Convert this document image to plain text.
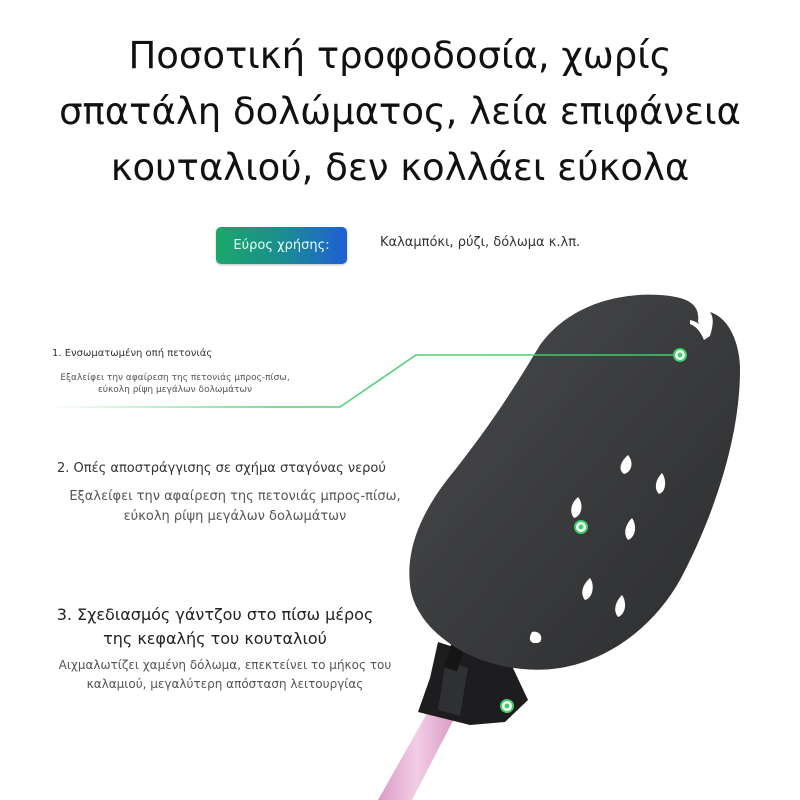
Ποσοτική τροφοδοσία, χωρίς
σπατάλη δολώματος, λεία επιφάνεια
κουταλιού, δεν κολλάει εύκολα
Εύρος χρήσης:	Καλαμπόκι, ρύζι, δόλωμα κ.λπ.
1. Ενσωματωμένη οπή πετονιάς
Εξαλείφει την αφαίρεση της πετονιάς μπρος-πίσω, εύκολη ρίψη μεγάλων δολωμάτων
2. Οπές αποστράγγισης σε σχήμα σταγόνας νερού
Εξαλείφει την αφαίρεση της πετονιάς μπρος-πίσω, εύκολη ρίψη μεγάλων δολωμάτων
3. Σχεδιασμός γάντζου στο πίσω μέρος της κεφαλής του κουταλιού
Αιχμαλωτίζει χαμένη δόλωμα, επεκτείνει το μήκος του καλαμιού, μεγαλύτερη απόσταση λειτουργίας
